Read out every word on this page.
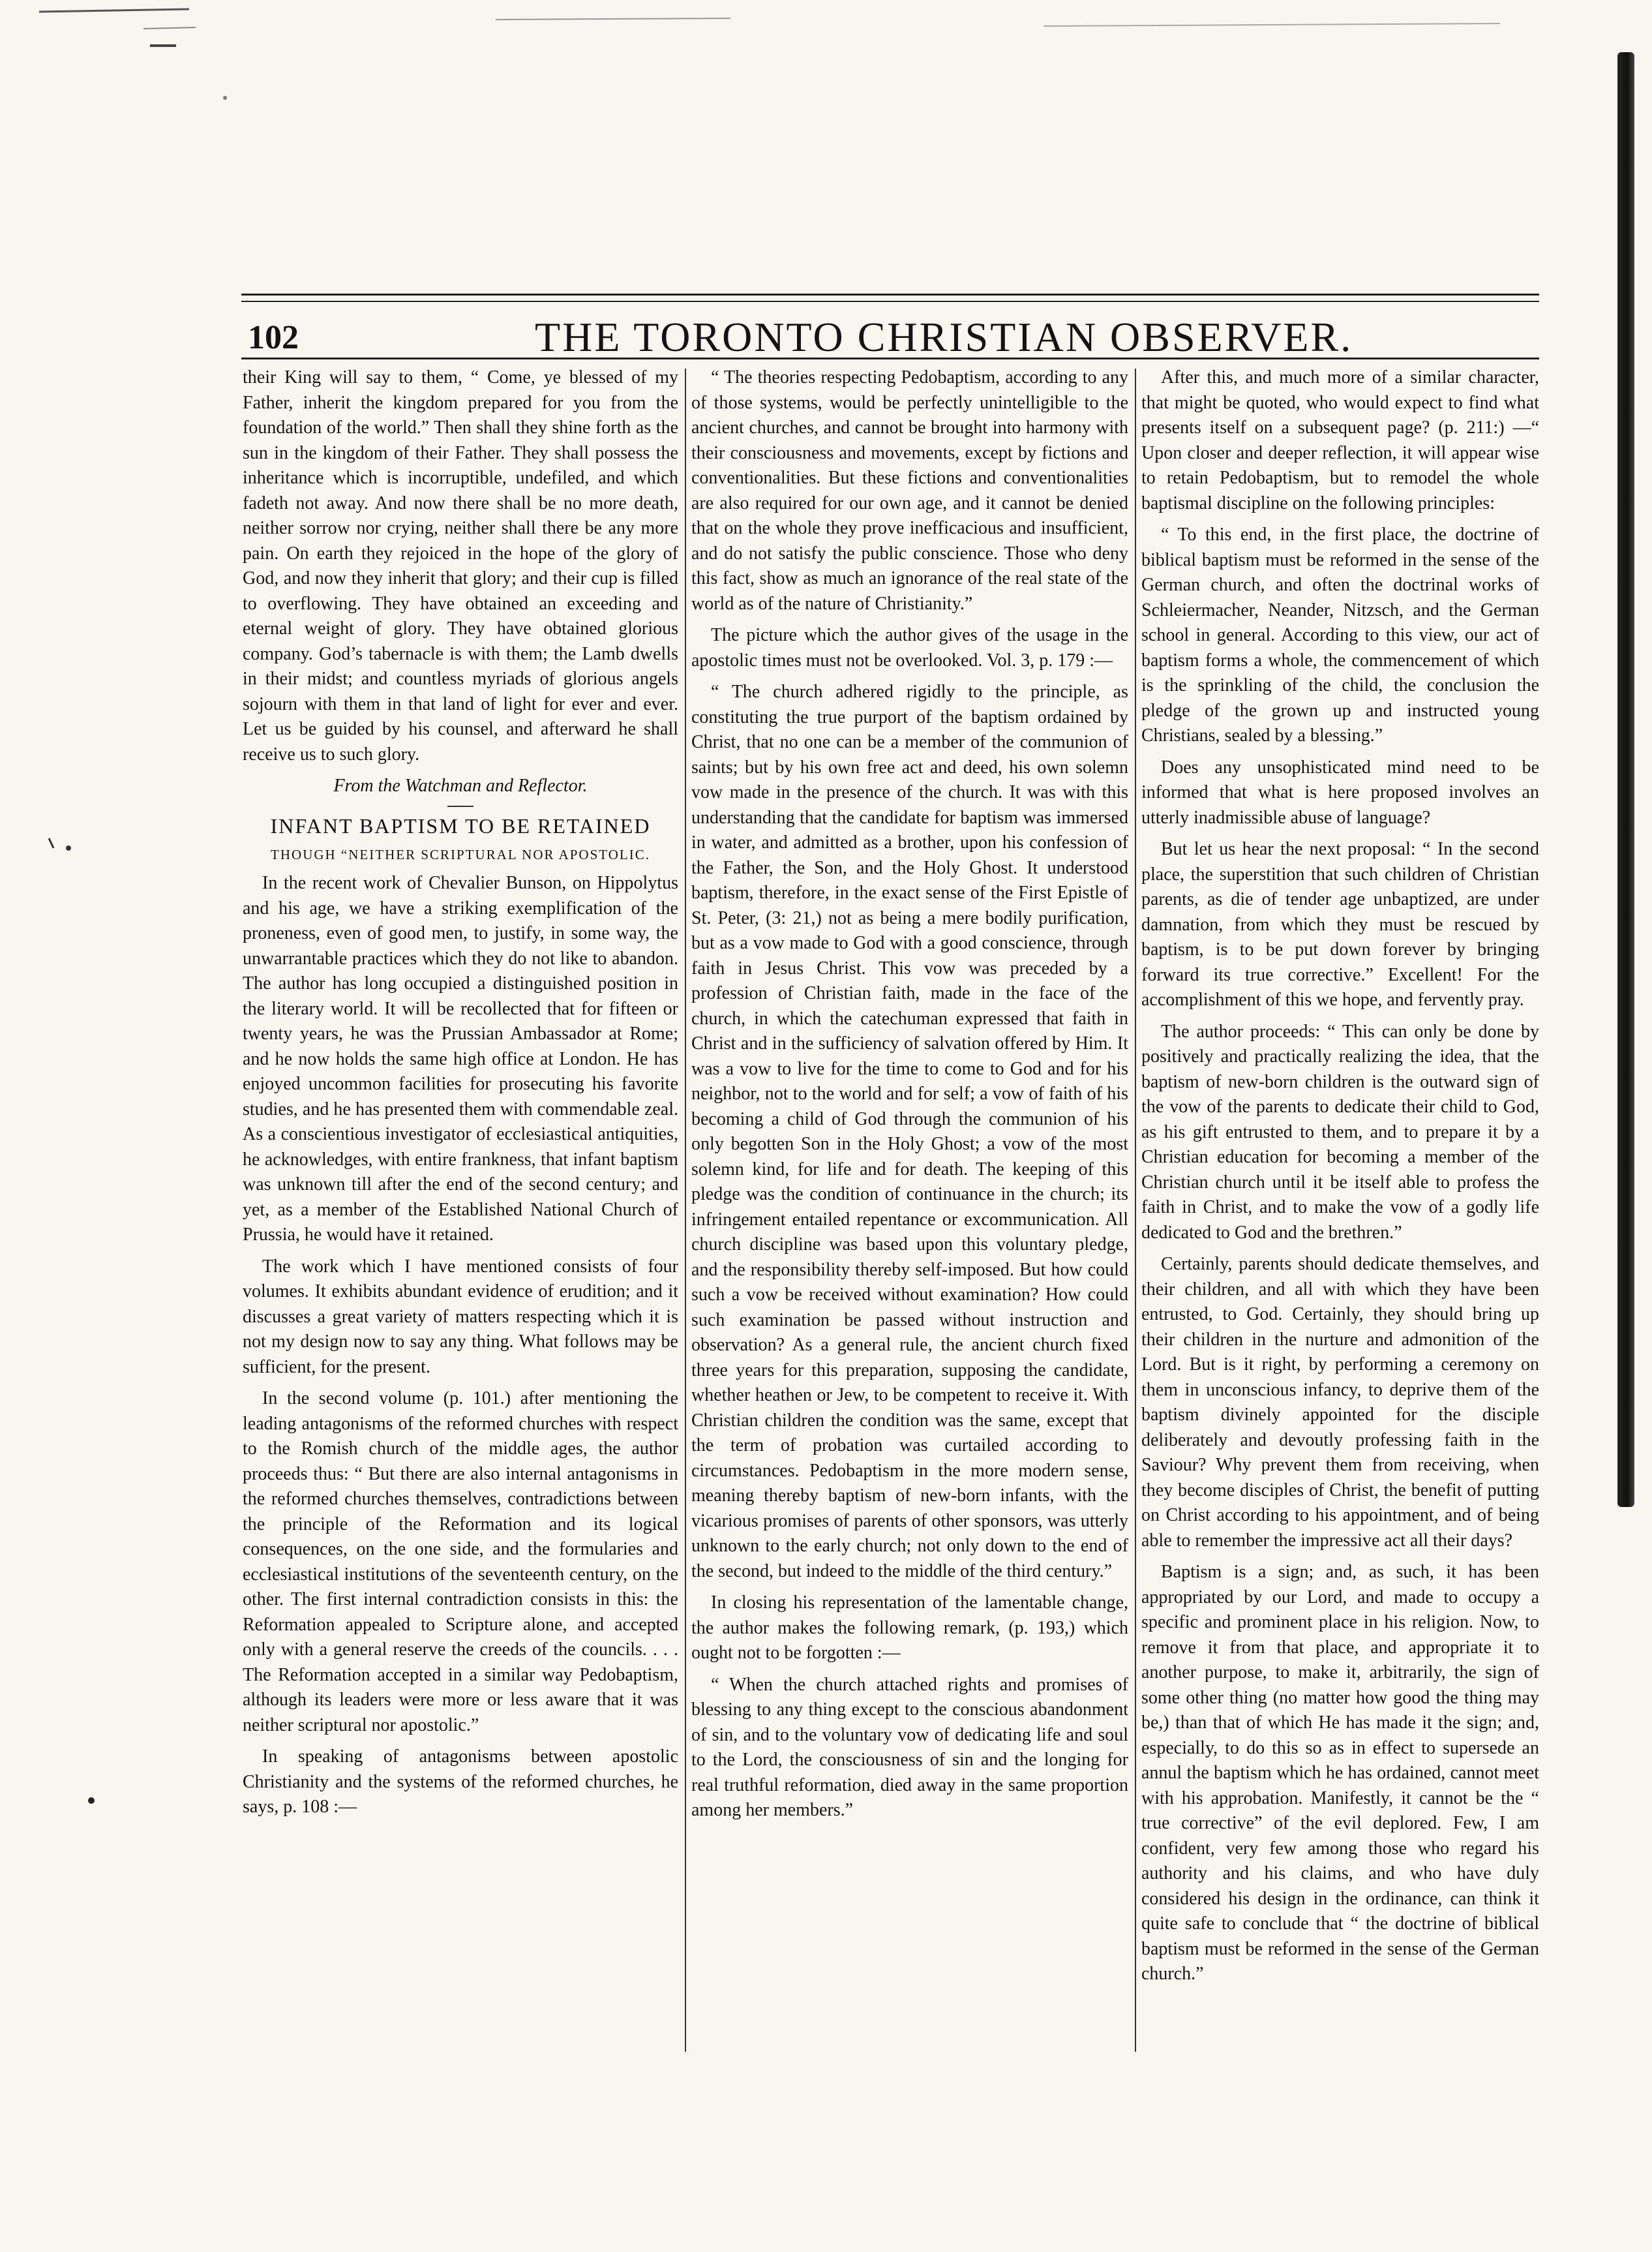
102	THE TORONTO CHRISTIAN OBSERVER.

their King will say to them, “ Come, ye blessed of my Father, inherit the kingdom prepared for you from the foundation of the world.” Then shall they shine forth as the sun in the kingdom of their Father. They shall possess the inheritance which is incorruptible, undefiled, and which fadeth not away. And now there shall be no more death, neither sorrow nor crying, neither shall there be any more pain. On earth they rejoiced in the hope of the glory of God, and now they inherit that glory; and their cup is filled to overflowing. They have obtained an exceeding and eternal weight of glory. They have obtained glorious company. God’s tabernacle is with them; the Lamb dwells in their midst; and countless myriads of glorious angels sojourn with them in that land of light for ever and ever. Let us be guided by his counsel, and afterward he shall receive us to such glory.

From the Watchman and Reflector.

INFANT BAPTISM TO BE RETAINED

THOUGH “NEITHER SCRIPTURAL NOR APOSTOLIC.

In the recent work of Chevalier Bunson, on Hippolytus and his age, we have a striking exemplification of the proneness, even of good men, to justify, in some way, the unwarrantable practices which they do not like to abandon. The author has long occupied a distinguished position in the literary world. It will be recollected that for fifteen or twenty years, he was the Prussian Ambassador at Rome; and he now holds the same high office at London. He has enjoyed uncommon facilities for prosecuting his favorite studies, and he has presented them with commendable zeal. As a conscientious investigator of ecclesiastical antiquities, he acknowledges, with entire frankness, that infant baptism was unknown till after the end of the second century; and yet, as a member of the Established National Church of Prussia, he would have it retained.

The work which I have mentioned consists of four volumes. It exhibits abundant evidence of erudition; and it discusses a great variety of matters respecting which it is not my design now to say any thing. What follows may be sufficient, for the present.

In the second volume (p. 101.) after mentioning the leading antagonisms of the reformed churches with respect to the Romish church of the middle ages, the author proceeds thus: “ But there are also internal antagonisms in the reformed churches themselves, contradictions between the principle of the Reformation and its logical consequences, on the one side, and the formularies and ecclesiastical institutions of the seventeenth century, on the other. The first internal contradiction consists in this: the Reformation appealed to Scripture alone, and accepted only with a general reserve the creeds of the councils. . . . The Reformation accepted in a similar way Pedobaptism, although its leaders were more or less aware that it was neither scriptural nor apostolic.”

In speaking of antagonisms between apostolic Christianity and the systems of the reformed churches, he says, p. 108 :—

“ The theories respecting Pedobaptism, according to any of those systems, would be perfectly unintelligible to the ancient churches, and cannot be brought into harmony with their consciousness and movements, except by fictions and conventionalities. But these fictions and conventionalities are also required for our own age, and it cannot be denied that on the whole they prove inefficacious and insufficient, and do not satisfy the public conscience. Those who deny this fact, show as much an ignorance of the real state of the world as of the nature of Christianity.”

The picture which the author gives of the usage in the apostolic times must not be overlooked. Vol. 3, p. 179 :—

“ The church adhered rigidly to the principle, as constituting the true purport of the baptism ordained by Christ, that no one can be a member of the communion of saints; but by his own free act and deed, his own solemn vow made in the presence of the church. It was with this understanding that the candidate for baptism was immersed in water, and admitted as a brother, upon his confession of the Father, the Son, and the Holy Ghost. It understood baptism, therefore, in the exact sense of the First Epistle of St. Peter, (3: 21,) not as being a mere bodily purification, but as a vow made to God with a good conscience, through faith in Jesus Christ. This vow was preceded by a profession of Christian faith, made in the face of the church, in which the catechuman expressed that faith in Christ and in the sufficiency of salvation offered by Him. It was a vow to live for the time to come to God and for his neighbor, not to the world and for self; a vow of faith of his becoming a child of God through the communion of his only begotten Son in the Holy Ghost; a vow of the most solemn kind, for life and for death. The keeping of this pledge was the condition of continuance in the church; its infringement entailed repentance or excommunication. All church discipline was based upon this voluntary pledge, and the responsibility thereby self-imposed. But how could such a vow be received without examination? How could such examination be passed without instruction and observation? As a general rule, the ancient church fixed three years for this preparation, supposing the candidate, whether heathen or Jew, to be competent to receive it. With Christian children the condition was the same, except that the term of probation was curtailed according to circumstances. Pedobaptism in the more modern sense, meaning thereby baptism of new-born infants, with the vicarious promises of parents of other sponsors, was utterly unknown to the early church; not only down to the end of the second, but indeed to the middle of the third century.”

In closing his representation of the lamentable change, the author makes the following remark, (p. 193,) which ought not to be forgotten :—

“ When the church attached rights and promises of blessing to any thing except to the conscious abandonment of sin, and to the voluntary vow of dedicating life and soul to the Lord, the consciousness of sin and the longing for real truthful reformation, died away in the same proportion among her members.”

After this, and much more of a similar character, that might be quoted, who would expect to find what presents itself on a subsequent page? (p. 211:) —“ Upon closer and deeper reflection, it will appear wise to retain Pedobaptism, but to remodel the whole baptismal discipline on the following principles:

“ To this end, in the first place, the doctrine of biblical baptism must be reformed in the sense of the German church, and often the doctrinal works of Schleiermacher, Neander, Nitzsch, and the German school in general. According to this view, our act of baptism forms a whole, the commencement of which is the sprinkling of the child, the conclusion the pledge of the grown up and instructed young Christians, sealed by a blessing.”

Does any unsophisticated mind need to be informed that what is here proposed involves an utterly inadmissible abuse of language?

But let us hear the next proposal: “ In the second place, the superstition that such children of Christian parents, as die of tender age unbaptized, are under damnation, from which they must be rescued by baptism, is to be put down forever by bringing forward its true corrective.” Excellent! For the accomplishment of this we hope, and fervently pray.

The author proceeds: “ This can only be done by positively and practically realizing the idea, that the baptism of new-born children is the outward sign of the vow of the parents to dedicate their child to God, as his gift entrusted to them, and to prepare it by a Christian education for becoming a member of the Christian church until it be itself able to profess the faith in Christ, and to make the vow of a godly life dedicated to God and the brethren.”

Certainly, parents should dedicate themselves, and their children, and all with which they have been entrusted, to God. Certainly, they should bring up their children in the nurture and admonition of the Lord. But is it right, by performing a ceremony on them in unconscious infancy, to deprive them of the baptism divinely appointed for the disciple deliberately and devoutly professing faith in the Saviour? Why prevent them from receiving, when they become disciples of Christ, the benefit of putting on Christ according to his appointment, and of being able to remember the impressive act all their days?

Baptism is a sign; and, as such, it has been appropriated by our Lord, and made to occupy a specific and prominent place in his religion. Now, to remove it from that place, and appropriate it to another purpose, to make it, arbitrarily, the sign of some other thing (no matter how good the thing may be,) than that of which He has made it the sign; and, especially, to do this so as in effect to supersede an annul the baptism which he has ordained, cannot meet with his approbation. Manifestly, it cannot be the “ true corrective” of the evil deplored. Few, I am confident, very few among those who regard his authority and his claims, and who have duly considered his design in the ordinance, can think it quite safe to conclude that “ the doctrine of biblical baptism must be reformed in the sense of the German church.”
